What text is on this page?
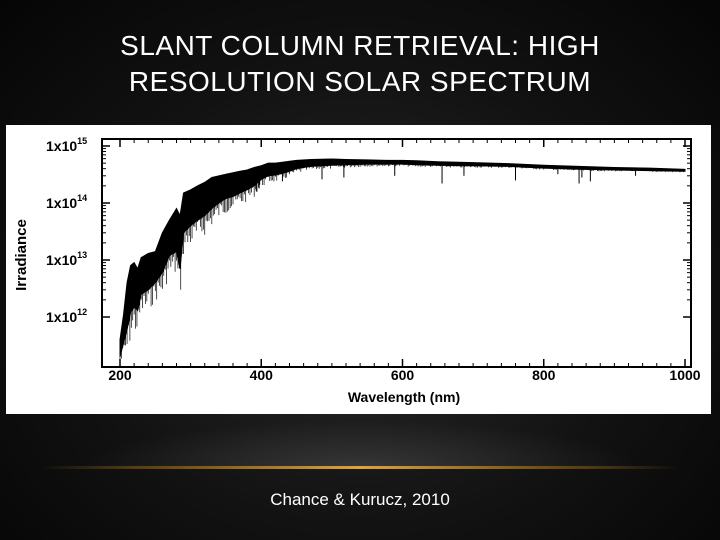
SLANT COLUMN RETRIEVAL: HIGH
RESOLUTION SOLAR SPECTRUM
200	400	600	800	1000
$1x10^{12}$
$1x10^{13}$
$1x10^{14}$
$1x10^{15}$
Wavelength (nm)
Irradiance
Chance & Kurucz, 2010
